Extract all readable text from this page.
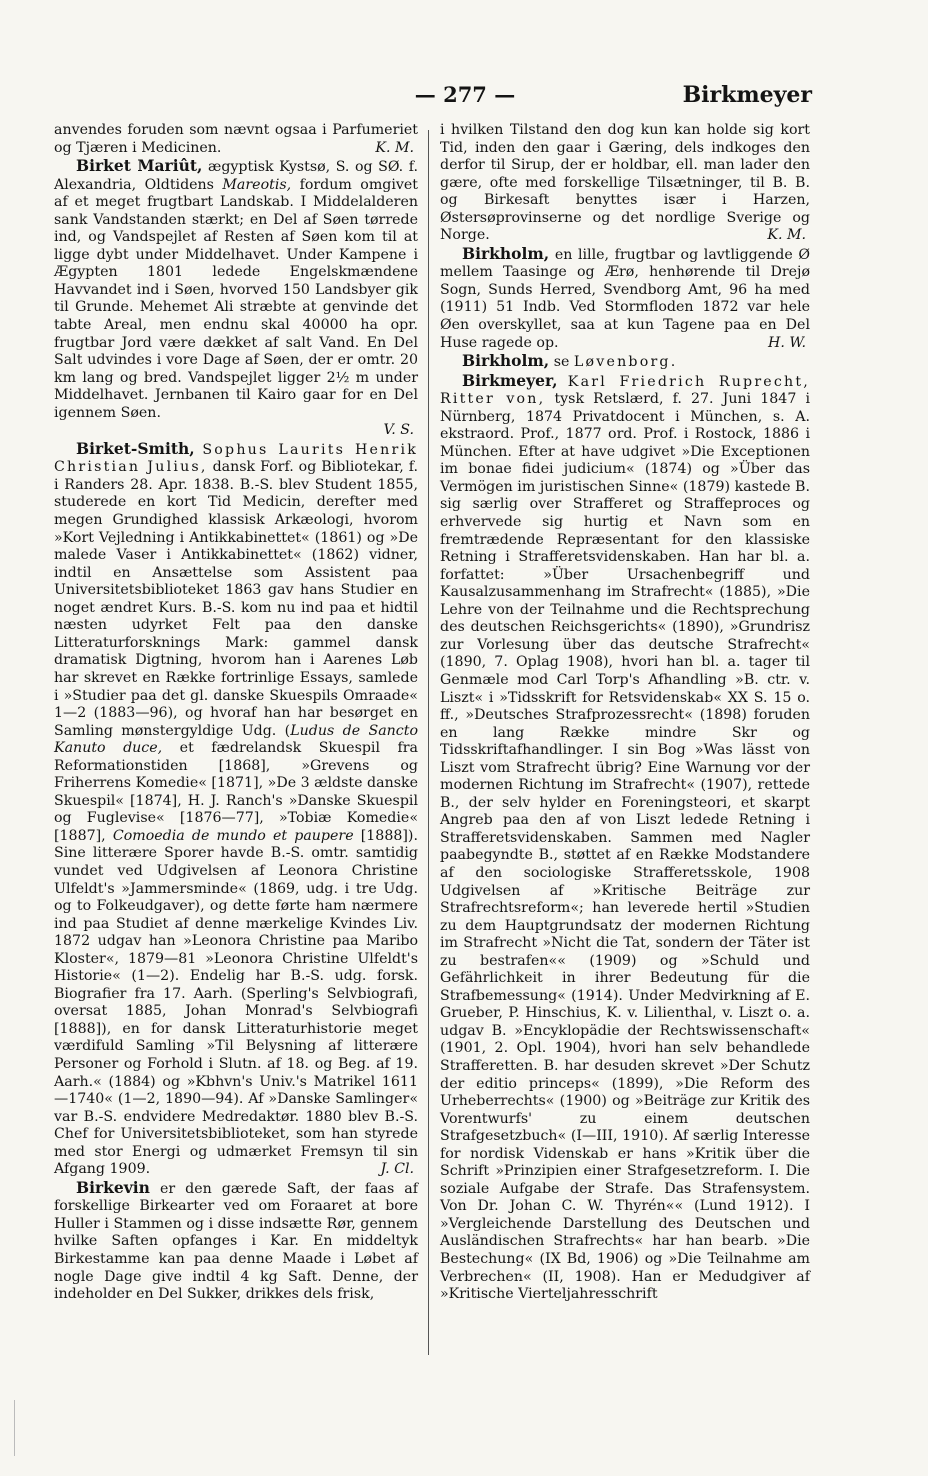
— 277 —	Birkmeyer

anvendes foruden som nævnt ogsaa i Parfumeriet og Tjæren i Medicinen.	K. M.

Birket Mariût, ægyptisk Kystsø, S. og SØ. f. Alexandria, Oldtidens Mareotis, fordum omgivet af et meget frugtbart Landskab. I Middelalderen sank Vandstanden stærkt; en Del af Søen tørrede ind, og Vandspejlet af Resten af Søen kom til at ligge dybt under Middelhavet. Under Kampene i Ægypten 1801 ledede Engelskmændene Havvandet ind i Søen, hvorved 150 Landsbyer gik til Grunde. Mehemet Ali stræbte at genvinde det tabte Areal, men endnu skal 40000 ha opr. frugtbar Jord være dækket af salt Vand. En Del Salt udvindes i vore Dage af Søen, der er omtr. 20 km lang og bred. Vandspejlet ligger 2½ m under Middelhavet. Jernbanen til Kairo gaar for en Del igennem Søen.

V. S.

Birket-Smith, Sophus Laurits Henrik Christian Julius, dansk Forf. og Bibliotekar, f. i Randers 28. Apr. 1838. B.-S. blev Student 1855, studerede en kort Tid Medicin, derefter med megen Grundighed klassisk Arkæologi, hvorom »Kort Vejledning i Antikkabinettet« (1861) og »De malede Vaser i Antikkabinettet« (1862) vidner, indtil en Ansættelse som Assistent paa Universitetsbiblioteket 1863 gav hans Studier en noget ændret Kurs. B.-S. kom nu ind paa et hidtil næsten udyrket Felt paa den danske Litteraturforsknings Mark: gammel dansk dramatisk Digtning, hvorom han i Aarenes Løb har skrevet en Række fortrinlige Essays, samlede i »Studier paa det gl. danske Skuespils Omraade« 1—2 (1883—96), og hvoraf han har besørget en Samling mønstergyldige Udg. (Ludus de Sancto Kanuto duce, et fædrelandsk Skuespil fra Reformationstiden [1868], »Grevens og Friherrens Komedie« [1871], »De 3 ældste danske Skuespil« [1874], H. J. Ranch's »Danske Skuespil og Fuglevise« [1876—77], »Tobiæ Komedie« [1887], Comoedia de mundo et paupere [1888]). Sine litterære Sporer havde B.-S. omtr. samtidig vundet ved Udgivelsen af Leonora Christine Ulfeldt's »Jammersminde« (1869, udg. i tre Udg. og to Folkeudgaver), og dette førte ham nærmere ind paa Studiet af denne mærkelige Kvindes Liv. 1872 udgav han »Leonora Christine paa Maribo Kloster«, 1879—81 »Leonora Christine Ulfeldt's Historie« (1—2). Endelig har B.-S. udg. forsk. Biografier fra 17. Aarh. (Sperling's Selvbiografi, oversat 1885, Johan Monrad's Selvbiografi [1888]), en for dansk Litteraturhistorie meget værdifuld Samling »Til Belysning af litterære Personer og Forhold i Slutn. af 18. og Beg. af 19. Aarh.« (1884) og »Kbhvn's Univ.'s Matrikel 1611—1740« (1—2, 1890—94). Af »Danske Samlinger« var B.-S. endvidere Medredaktør. 1880 blev B.-S. Chef for Universitetsbiblioteket, som han styrede med stor Energi og udmærket Fremsyn til sin Afgang 1909.	J. Cl.

Birkevin er den gærede Saft, der faas af forskellige Birkearter ved om Foraaret at bore Huller i Stammen og i disse indsætte Rør, gennem hvilke Saften opfanges i Kar. En middeltyk Birkestamme kan paa denne Maade i Løbet af nogle Dage give indtil 4 kg Saft. Denne, der indeholder en Del Sukker, drikkes dels frisk,

i hvilken Tilstand den dog kun kan holde sig kort Tid, inden den gaar i Gæring, dels indkoges den derfor til Sirup, der er holdbar, ell. man lader den gære, ofte med forskellige Tilsætninger, til B. B. og Birkesaft benyttes især i Harzen, Østersøprovinserne og det nordlige Sverige og Norge.	K. M.

Birkholm, en lille, frugtbar og lavtliggende Ø mellem Taasinge og Ærø, henhørende til Drejø Sogn, Sunds Herred, Svendborg Amt, 96 ha med (1911) 51 Indb. Ved Stormfloden 1872 var hele Øen overskyllet, saa at kun Tagene paa en Del Huse ragede op.	H. W.

Birkholm, se Løvenborg.

Birkmeyer, Karl Friedrich Ruprecht, Ritter von, tysk Retslærd, f. 27. Juni 1847 i Nürnberg, 1874 Privatdocent i München, s. A. ekstraord. Prof., 1877 ord. Prof. i Rostock, 1886 i München. Efter at have udgivet »Die Exceptionen im bonae fidei judicium« (1874) og »Über das Vermögen im juristischen Sinne« (1879) kastede B. sig særlig over Strafferet og Straffeproces og erhvervede sig hurtig et Navn som en fremtrædende Repræsentant for den klassiske Retning i Strafferetsvidenskaben. Han har bl. a. forfattet: »Über Ursachenbegriff und Kausalzusammenhang im Strafrecht« (1885), »Die Lehre von der Teilnahme und die Rechtsprechung des deutschen Reichsgerichts« (1890), »Grundrisz zur Vorlesung über das deutsche Strafrecht« (1890, 7. Oplag 1908), hvori han bl. a. tager til Genmæle mod Carl Torp's Afhandling »B. ctr. v. Liszt« i »Tidsskrift for Retsvidenskab« XX S. 15 o. ff., »Deutsches Strafprozessrecht« (1898) foruden en lang Række mindre Skr og Tidsskriftafhandlinger. I sin Bog »Was lässt von Liszt vom Strafrecht übrig? Eine Warnung vor der modernen Richtung im Strafrecht« (1907), rettede B., der selv hylder en Foreningsteori, et skarpt Angreb paa den af von Liszt ledede Retning i Strafferetsvidenskaben. Sammen med Nagler paabegyndte B., støttet af en Række Modstandere af den sociologiske Strafferetsskole, 1908 Udgivelsen af »Kritische Beiträge zur Strafrechtsreform«; han leverede hertil »Studien zu dem Hauptgrundsatz der modernen Richtung im Strafrecht »Nicht die Tat, sondern der Täter ist zu bestrafen«« (1909) og »Schuld und Gefährlichkeit in ihrer Bedeutung für die Strafbemessung« (1914). Under Medvirkning af E. Grueber, P. Hinschius, K. v. Lilienthal, v. Liszt o. a. udgav B. »Encyklopädie der Rechtswissenschaft« (1901, 2. Opl. 1904), hvori han selv behandlede Strafferetten. B. har desuden skrevet »Der Schutz der editio princeps« (1899), »Die Reform des Urheberrechts« (1900) og »Beiträge zur Kritik des Vorentwurfs' zu einem deutschen Strafgesetzbuch« (I—III, 1910). Af særlig Interesse for nordisk Videnskab er hans »Kritik über die Schrift »Prinzipien einer Strafgesetzreform. I. Die soziale Aufgabe der Strafe. Das Strafensystem. Von Dr. Johan C. W. Thyrén«« (Lund 1912). I »Vergleichende Darstellung des Deutschen und Ausländischen Strafrechts« har han bearb. »Die Bestechung« (IX Bd, 1906) og »Die Teilnahme am Verbrechen« (II, 1908). Han er Medudgiver af »Kritische Vierteljahresschrift
